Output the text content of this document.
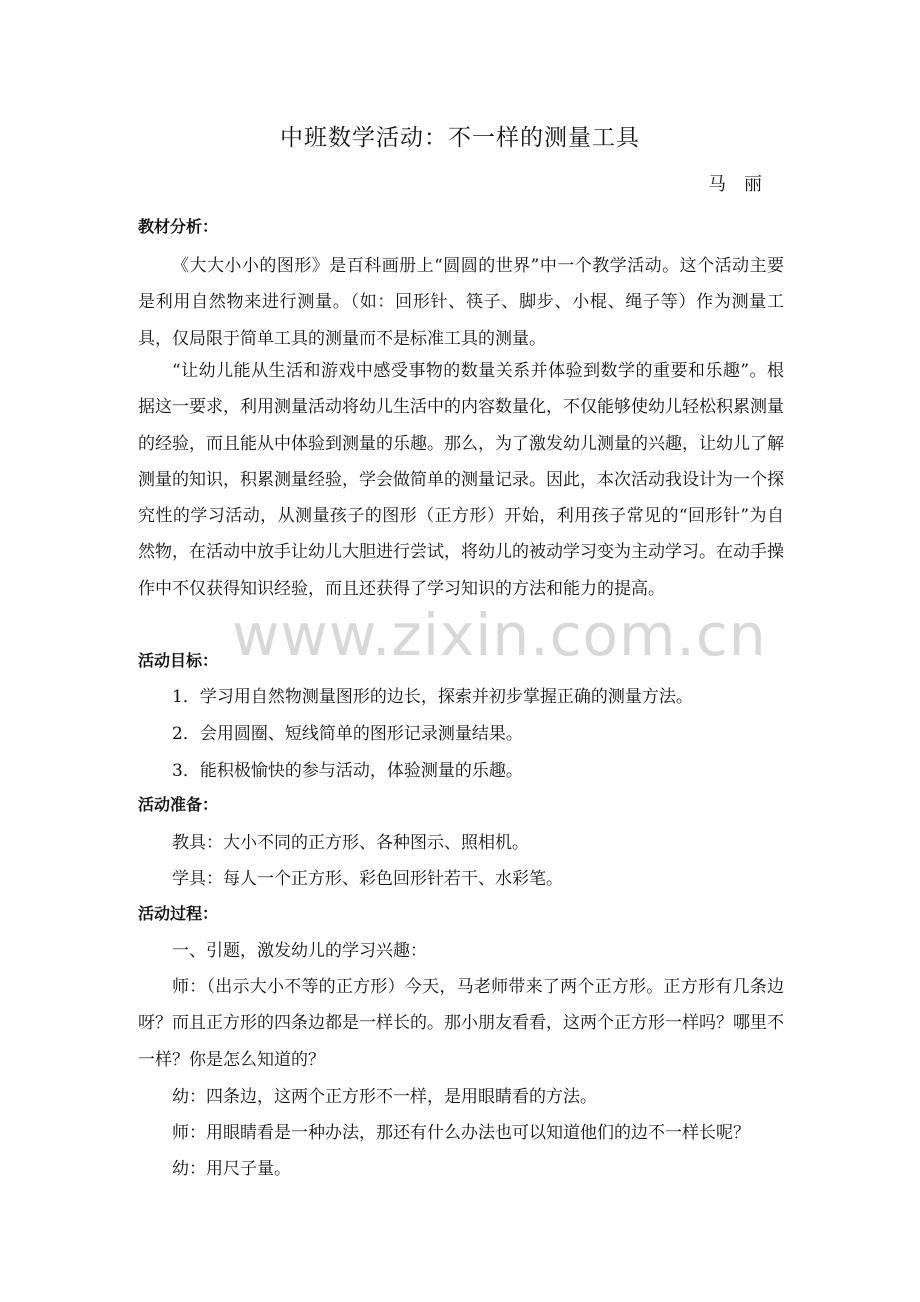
中班数学活动：不一样的测量工具
马丽
教材分析：
《大大小小的图形》是百科画册上“圆圆的世界”中一个教学活动。这个活动主要是利用自然物来进行测量。（如：回形针、筷子、脚步、小棍、绳子等）作为测量工具，仅局限于简单工具的测量而不是标准工具的测量。
“让幼儿能从生活和游戏中感受事物的数量关系并体验到数学的重要和乐趣”。根据这一要求，利用测量活动将幼儿生活中的内容数量化，不仅能够使幼儿轻松积累测量的经验，而且能从中体验到测量的乐趣。那么，为了激发幼儿测量的兴趣，让幼儿了解测量的知识，积累测量经验，学会做简单的测量记录。因此，本次活动我设计为一个探究性的学习活动，从测量孩子的图形（正方形）开始，利用孩子常见的“回形针”为自然物，在活动中放手让幼儿大胆进行尝试，将幼儿的被动学习变为主动学习。在动手操作中不仅获得知识经验，而且还获得了学习知识的方法和能力的提高。
活动目标：
1．学习用自然物测量图形的边长，探索并初步掌握正确的测量方法。
2．会用圆圈、短线简单的图形记录测量结果。
3．能积极愉快的参与活动，体验测量的乐趣。
活动准备：
教具：大小不同的正方形、各种图示、照相机。
学具：每人一个正方形、彩色回形针若干、水彩笔。
活动过程：
一、引题，激发幼儿的学习兴趣：
师：（出示大小不等的正方形）今天，马老师带来了两个正方形。正方形有几条边呀？而且正方形的四条边都是一样长的。那小朋友看看，这两个正方形一样吗？哪里不一样？你是怎么知道的？
幼：四条边，这两个正方形不一样，是用眼睛看的方法。
师：用眼睛看是一种办法，那还有什么办法也可以知道他们的边不一样长呢？
幼：用尺子量。
www.zixin.com.cn
